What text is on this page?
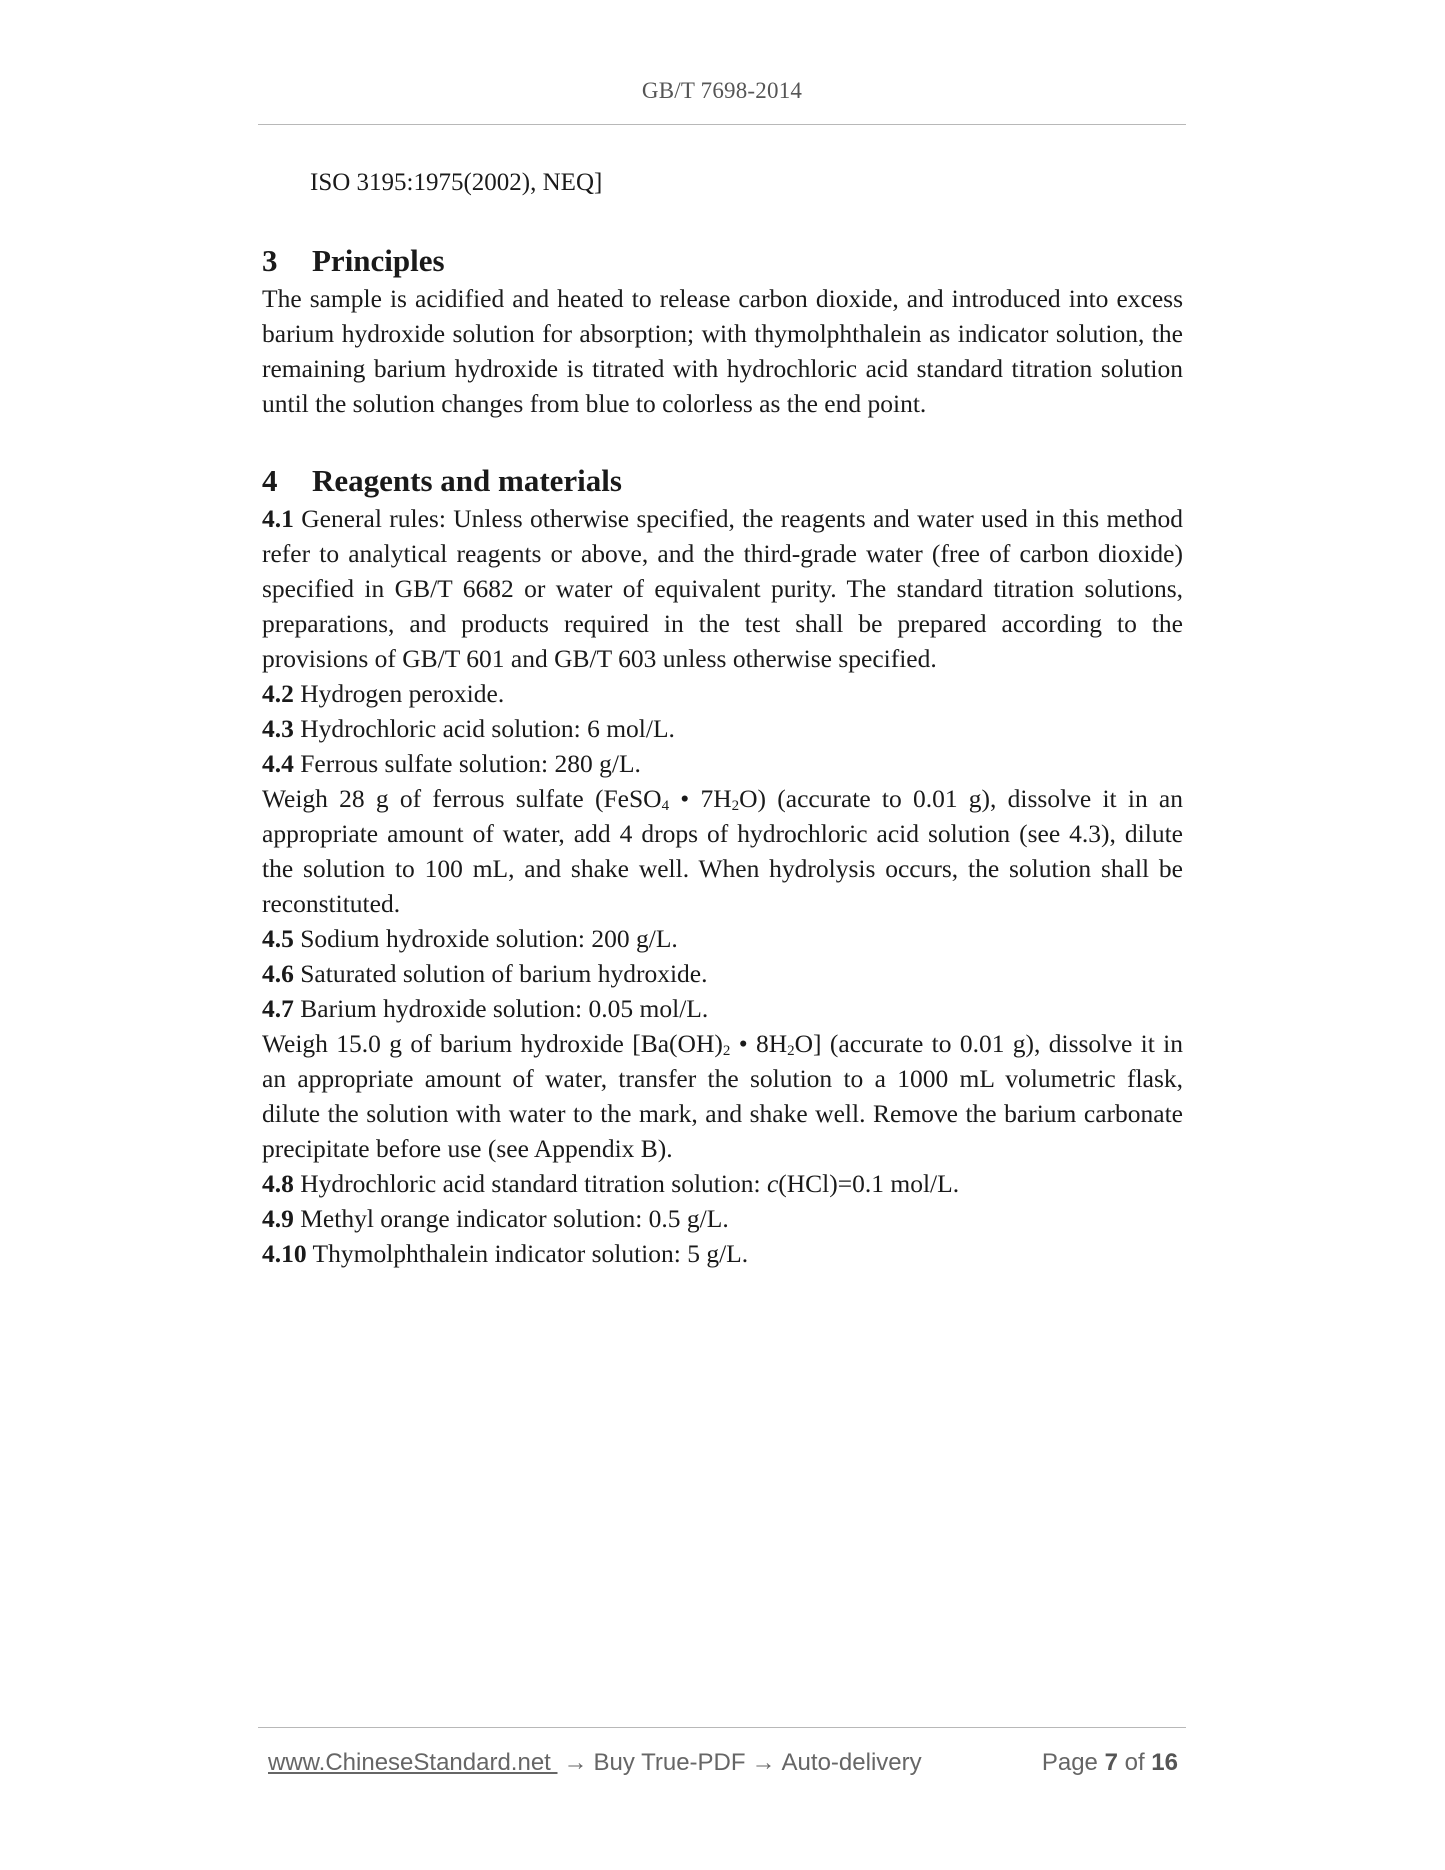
GB/T 7698-2014

ISO 3195:1975(2002), NEQ]

3	Principles

The sample is acidified and heated to release carbon dioxide, and introduced into excess barium hydroxide solution for absorption; with thymolphthalein as indicator solution, the remaining barium hydroxide is titrated with hydrochloric acid standard titration solution until the solution changes from blue to colorless as the end point.

4	Reagents and materials

4.1 General rules: Unless otherwise specified, the reagents and water used in this method refer to analytical reagents or above, and the third-grade water (free of carbon dioxide) specified in GB/T 6682 or water of equivalent purity. The standard titration solutions, preparations, and products required in the test shall be prepared according to the provisions of GB/T 601 and GB/T 603 unless otherwise specified.

4.2 Hydrogen peroxide.

4.3 Hydrochloric acid solution: 6 mol/L.

4.4 Ferrous sulfate solution: 280 g/L.

Weigh 28 g of ferrous sulfate (FeSO$_4$ • $7H_2O$) (accurate to 0.01 g), dissolve it in an appropriate amount of water, add 4 drops of hydrochloric acid solution (see 4.3), dilute the solution to 100 mL, and shake well. When hydrolysis occurs, the solution shall be reconstituted.

4.5 Sodium hydroxide solution: 200 g/L.

4.6 Saturated solution of barium hydroxide.

4.7 Barium hydroxide solution: 0.05 mol/L.

Weigh 15.0 g of barium hydroxide [$Ba(OH)_2$ • $8H_2O$] (accurate to 0.01 g), dissolve it in an appropriate amount of water, transfer the solution to a 1000 mL volumetric flask, dilute the solution with water to the mark, and shake well. Remove the barium carbonate precipitate before use (see Appendix B).

4.8 Hydrochloric acid standard titration solution: c(HCl)=0.1 mol/L.

4.9 Methyl orange indicator solution: 0.5 g/L.

4.10 Thymolphthalein indicator solution: 5 g/L.

www.ChineseStandard.net → Buy True-PDF → Auto-delivery	Page 7 of 16
